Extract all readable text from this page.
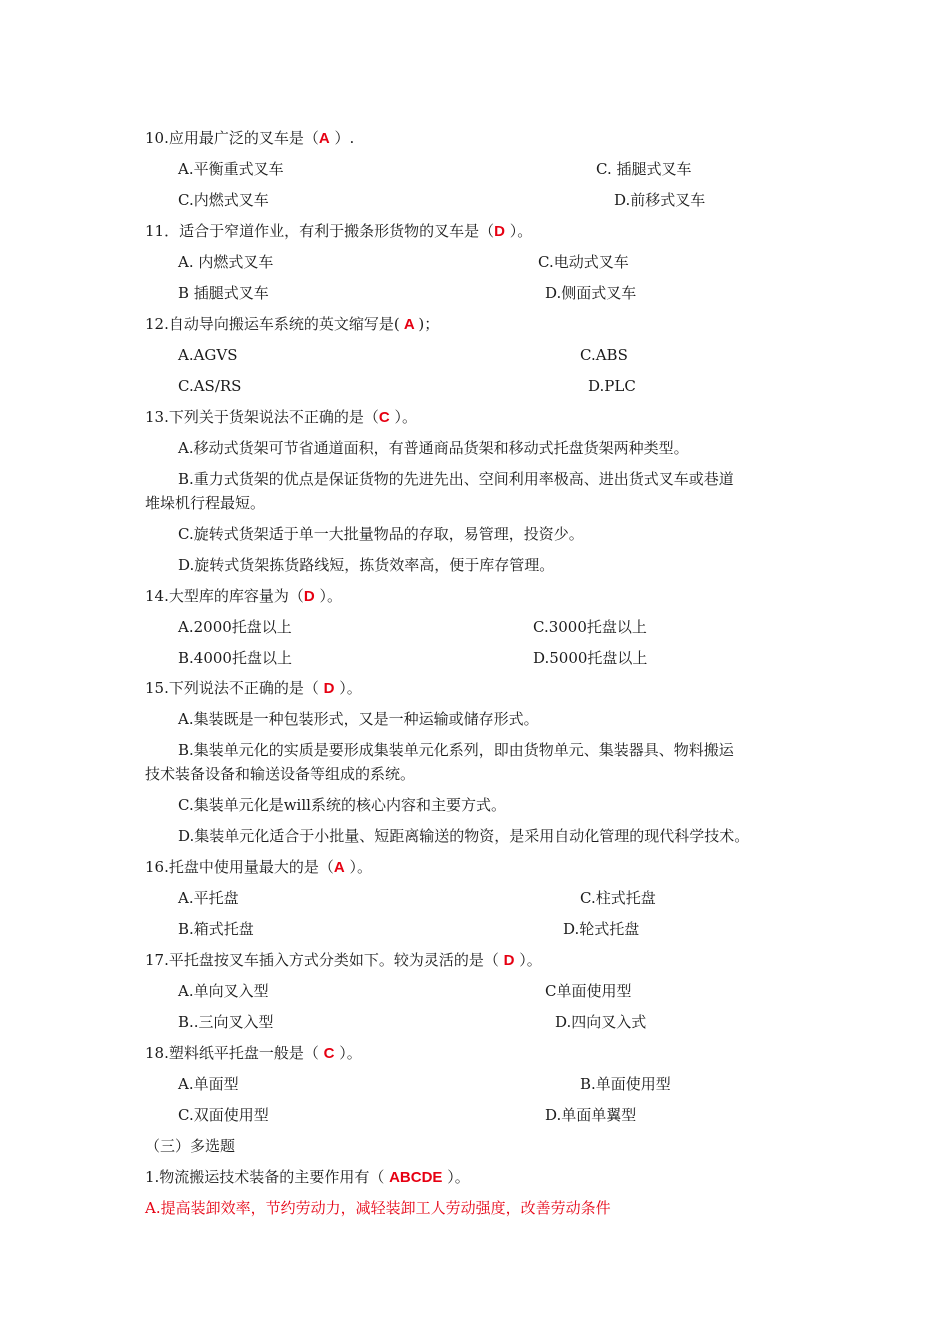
10.应用最广泛的叉车是（A ）.
A.平衡重式叉车	C. 插腿式叉车
C.内燃式叉车	D.前移式叉车
11．适合于窄道作业，有利于搬条形货物的叉车是（D ）。
A. 内燃式叉车	C.电动式叉车
B 插腿式叉车	D.侧面式叉车
12.自动导向搬运车系统的英文缩写是( A )；
A.AGVS	C.ABS
C.AS/RS	D.PLC
13.下列关于货架说法不正确的是（C ）。
A.移动式货架可节省通道面积，有普通商品货架和移动式托盘货架两种类型。
B.重力式货架的优点是保证货物的先进先出、空间利用率极高、进出货式叉车或巷道
堆垛机行程最短。
C.旋转式货架适于单一大批量物品的存取，易管理，投资少。
D.旋转式货架拣货路线短，拣货效率高，便于库存管理。
14.大型库的库容量为（D ）。
A.2000托盘以上	C.3000托盘以上
B.4000托盘以上	D.5000托盘以上
15.下列说法不正确的是（ D ）。
A.集装既是一种包装形式，又是一种运输或储存形式。
B.集装单元化的实质是要形成集装单元化系列，即由货物单元、集装器具、物料搬运
技术装备设备和输送设备等组成的系统。
C.集装单元化是will系统的核心内容和主要方式。
D.集装单元化适合于小批量、短距离输送的物资，是采用自动化管理的现代科学技术。
16.托盘中使用量最大的是（A ）。
A.平托盘	C.柱式托盘
B.箱式托盘	D.轮式托盘
17.平托盘按叉车插入方式分类如下。较为灵活的是（ D ）。
A.单向叉入型	C单面使用型
B..三向叉入型	D.四向叉入式
18.塑料纸平托盘一般是（ C ）。
A.单面型	B.单面使用型
C.双面使用型	D.单面单翼型
（三）多选题
1.物流搬运技术装备的主要作用有（ ABCDE ）。
A.提高装卸效率，节约劳动力，减轻装卸工人劳动强度，改善劳动条件
